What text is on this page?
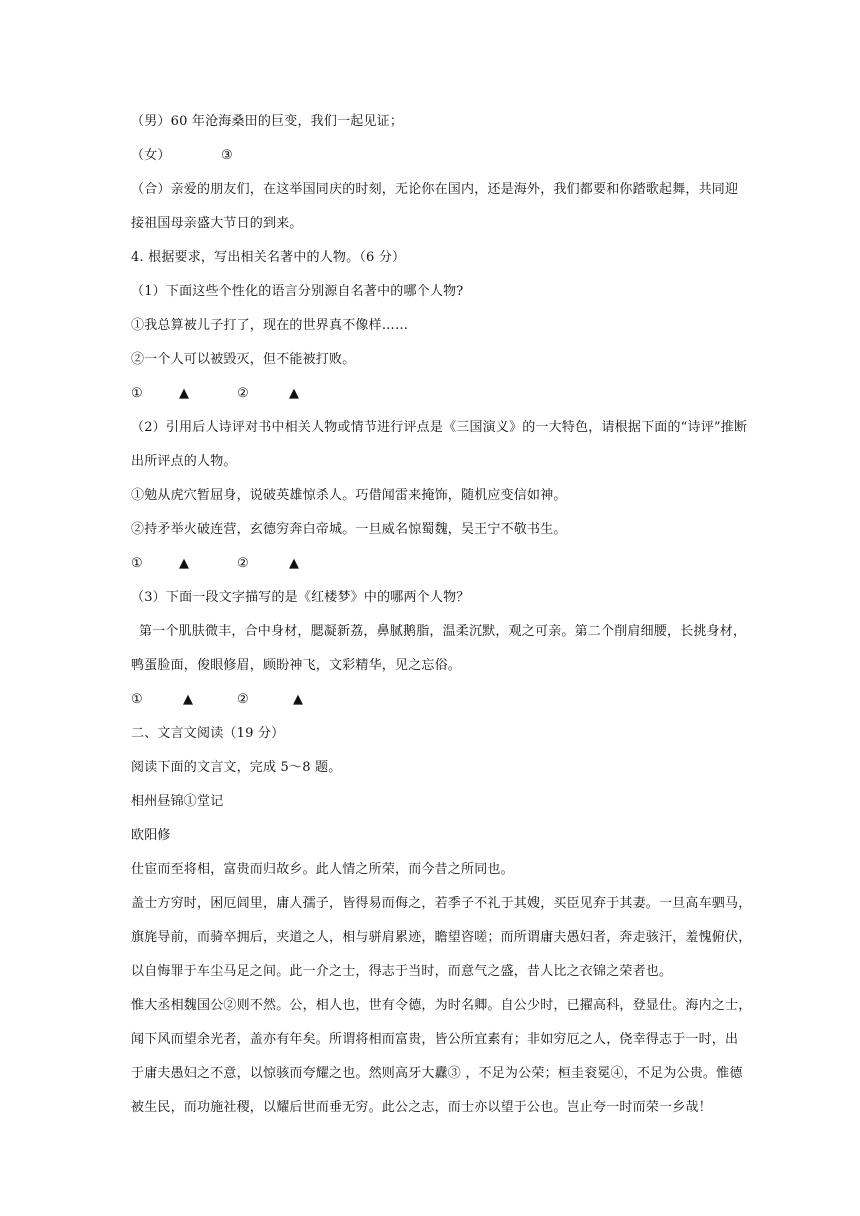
（男）60 年沧海桑田的巨变，我们一起见证；
（女）	③
（合）亲爱的朋友们，在这举国同庆的时刻，无论你在国内，还是海外，我们都要和你踏歌起舞，共同迎
接祖国母亲盛大节日的到来。
4. 根据要求，写出相关名著中的人物。（6 分）
（1）下面这些个性化的语言分别源自名著中的哪个人物?
①我总算被儿子打了，现在的世界真不像样……
②一个人可以被毁灭，但不能被打败。
①	▲	②	▲
（2）引用后人诗评对书中相关人物或情节进行评点是《三国演义》的一大特色，请根据下面的“诗评”推断
出所评点的人物。
①勉从虎穴暂屈身，说破英雄惊杀人。巧借闻雷来掩饰，随机应变信如神。
②持矛举火破连营，玄德穷奔白帝城。一旦威名惊蜀魏，吴王宁不敬书生。
①	▲	②	▲
（3）下面一段文字描写的是《红楼梦》中的哪两个人物？
第一个肌肤微丰，合中身材，腮凝新荔，鼻腻鹅脂，温柔沉默，观之可亲。第二个削肩细腰，长挑身材，
鸭蛋脸面，俊眼修眉，顾盼神飞，文彩精华，见之忘俗。
①	▲	②	▲
二、文言文阅读（19 分）
阅读下面的文言文，完成 5～8 题。
相州昼锦①堂记
欧阳修
仕宦而至将相，富贵而归故乡。此人情之所荣，而今昔之所同也。
盖士方穷时，困厄闾里，庸人孺子，皆得易而侮之，若季子不礼于其嫂，买臣见弃于其妻。一旦高车驷马，
旗旄导前，而骑卒拥后，夹道之人，相与骈肩累迹，瞻望咨嗟；而所谓庸夫愚妇者，奔走骇汗，羞愧俯伏，
以自悔罪于车尘马足之间。此一介之士，得志于当时，而意气之盛，昔人比之衣锦之荣者也。
惟大丞相魏国公②则不然。公，相人也，世有令德，为时名卿。自公少时，已擢高科，登显仕。海内之士，
闻下风而望余光者，盖亦有年矣。所谓将相而富贵，皆公所宜素有；非如穷厄之人，侥幸得志于一时，出
于庸夫愚妇之不意，以惊骇而夸耀之也。然则高牙大纛③ ，不足为公荣；桓圭衮冕④，不足为公贵。惟德
被生民，而功施社稷，以耀后世而垂无穷。此公之志，而士亦以望于公也。岂止夸一时而荣一乡哉！
